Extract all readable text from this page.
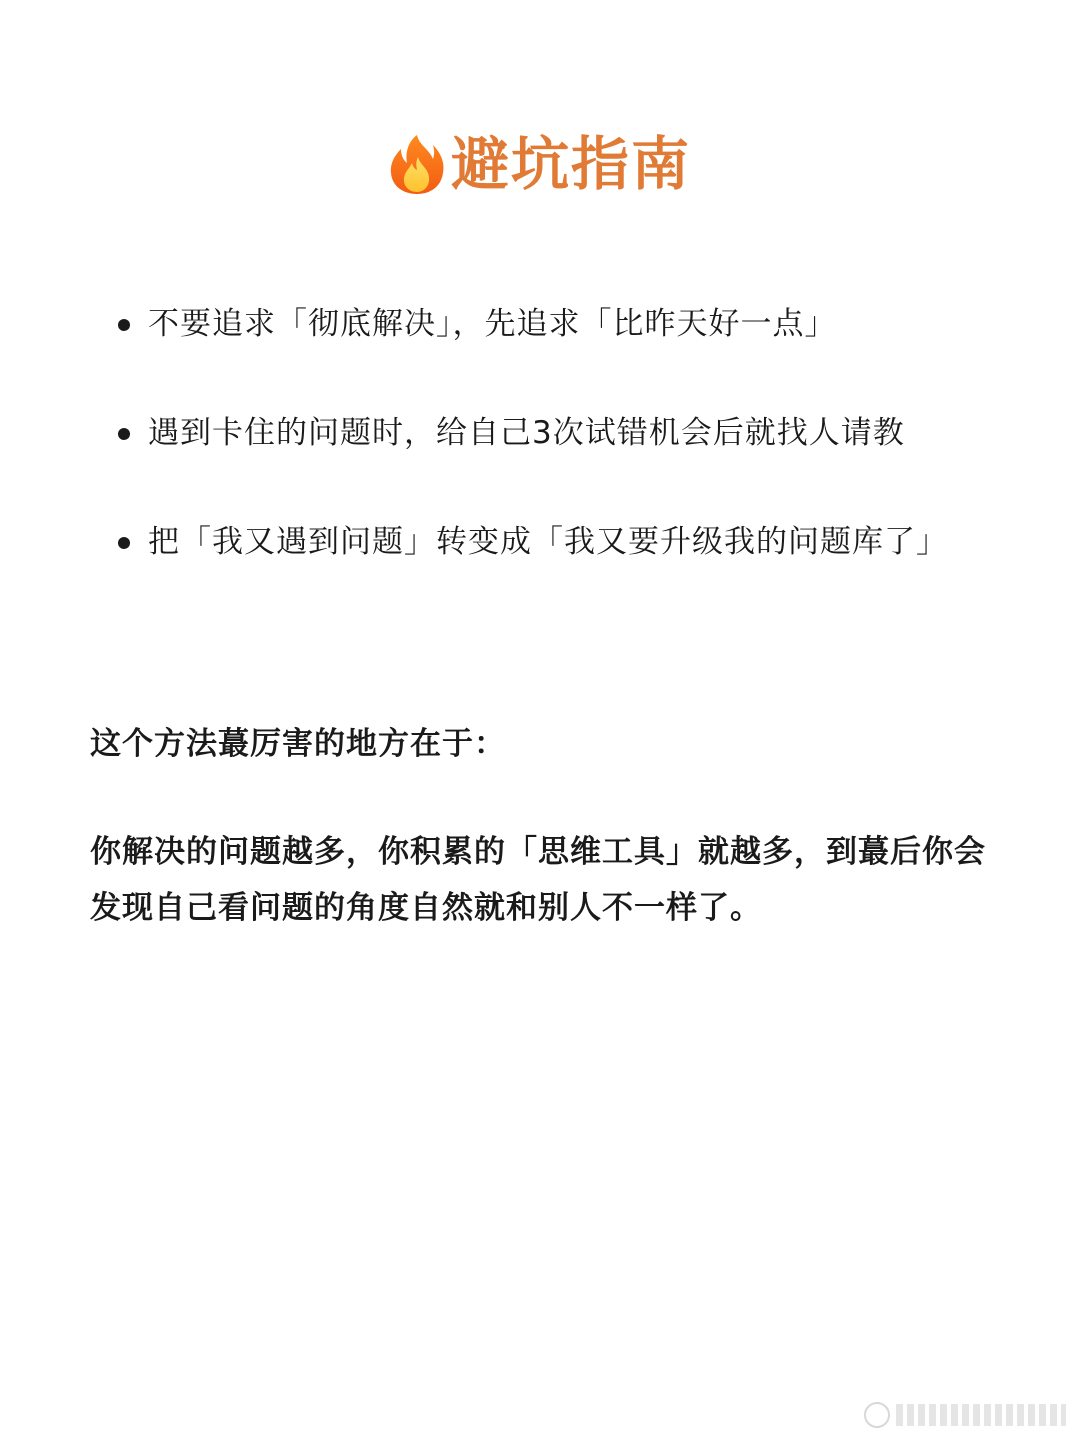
避坑指南
不要追求「彻底解决」，先追求「比昨天好一点」
遇到卡住的问题时，给自己3次试错机会后就找人请教
把「我又遇到问题」转变成「我又要升级我的问题库了」

这个方法蕞厉害的地方在于：

你解决的问题越多，你积累的「思维工具」就越多，到蕞后你会发现自己看问题的角度自然就和别人不一样了。
